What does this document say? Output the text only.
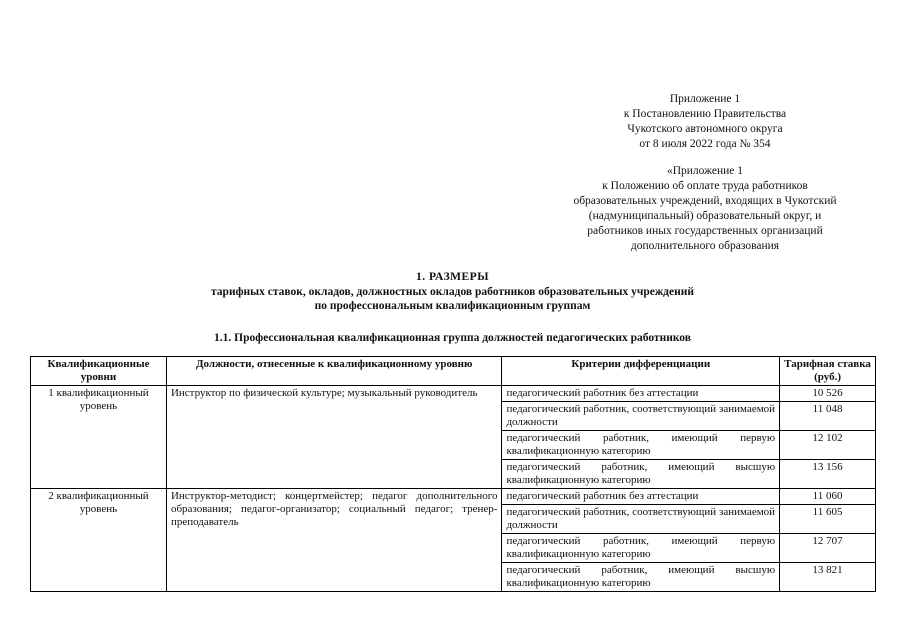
Приложение 1
к Постановлению Правительства
Чукотского автономного округа
от 8 июля 2022 года № 354
«Приложение 1
к Положению об оплате труда работников
образовательных учреждений, входящих в Чукотский
(надмуниципальный) образовательный округ, и
работников иных государственных организаций
дополнительного образования
1. РАЗМЕРЫ
тарифных ставок, окладов, должностных окладов работников образовательных учреждений
по профессиональным квалификационным группам
1.1. Профессиональная квалификационная группа должностей педагогических работников
Квалификационные уровни	Должности, отнесенные к квалификационному уровню	Критерии дифференциации	Тарифная ставка (руб.)
1 квалификационный уровень	Инструктор по физической культуре; музыкальный руководитель	педагогический работник без аттестации	10 526
		педагогический работник, соответствующий занимаемой должности	11 048
		педагогический работник, имеющий первую квалификационную категорию	12 102
		педагогический работник, имеющий высшую квалификационную категорию	13 156
2 квалификационный уровень	Инструктор-методист; концертмейстер; педагог дополнительного образования; педагог-организатор; социальный педагог; тренер-преподаватель	педагогический работник без аттестации	11 060
		педагогический работник, соответствующий занимаемой должности	11 605
		педагогический работник, имеющий первую квалификационную категорию	12 707
		педагогический работник, имеющий высшую квалификационную категорию	13 821
